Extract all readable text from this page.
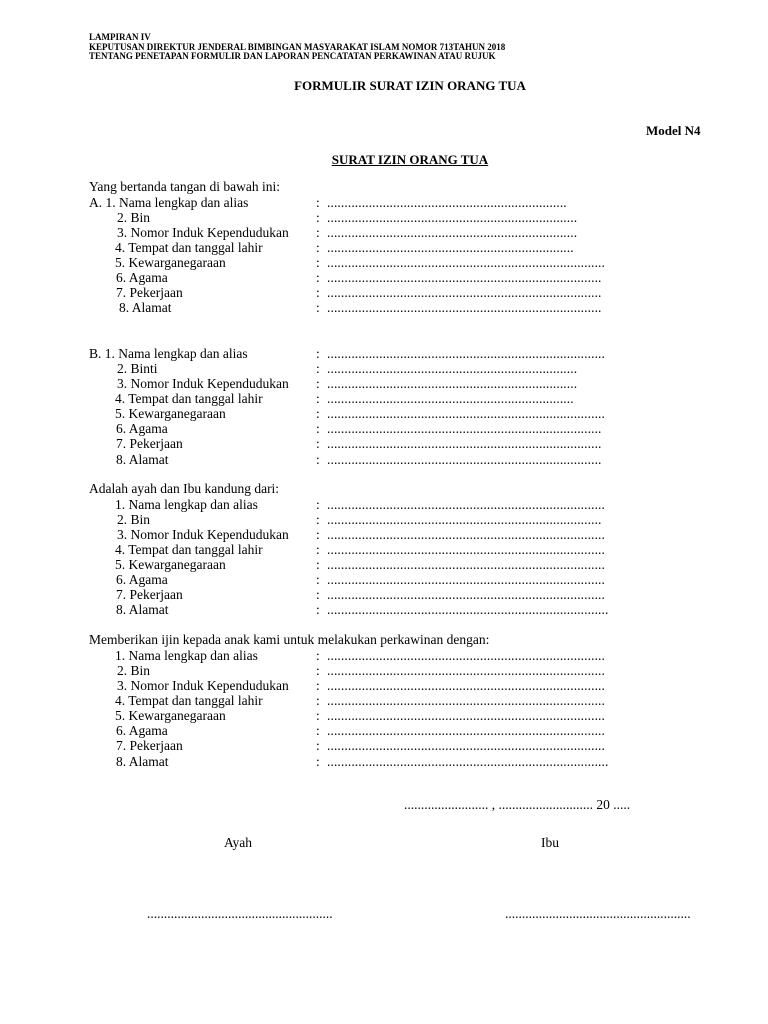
LAMPIRAN IV
KEPUTUSAN DIREKTUR JENDERAL BIMBINGAN MASYARAKAT ISLAM NOMOR 713TAHUN 2018
TENTANG PENETAPAN FORMULIR DAN LAPORAN PENCATATAN PERKAWINAN ATAU RUJUK
FORMULIR SURAT IZIN ORANG TUA
Model N4
SURAT IZIN ORANG TUA
Yang bertanda tangan di bawah ini:
A. 1. Nama lengkap dan alias	: .....................................................................
2. Bin	: ........................................................................
3. Nomor Induk Kependudukan : ........................................................................
4. Tempat dan tanggal lahir	: .......................................................................
5. Kewarganegaraan	: ................................................................................
6. Agama	: ...............................................................................
7. Pekerjaan	: ...............................................................................
8. Alamat	: ...............................................................................
B. 1. Nama lengkap dan alias	: ................................................................................
2. Binti	: ........................................................................
3. Nomor Induk Kependudukan : ........................................................................
4. Tempat dan tanggal lahir	: .......................................................................
5. Kewarganegaraan	: ................................................................................
6. Agama	: ...............................................................................
7. Pekerjaan	: ...............................................................................
8. Alamat	: ...............................................................................
Adalah ayah dan Ibu kandung dari:
1. Nama lengkap dan alias	: ................................................................................
2. Bin	: ...............................................................................
3. Nomor Induk Kependudukan : ................................................................................
4. Tempat dan tanggal lahir	: ................................................................................
5. Kewarganegaraan	: ................................................................................
6. Agama	: ................................................................................
7. Pekerjaan	: ................................................................................
8. Alamat	: .................................................................................
Memberikan ijin kepada anak kami untuk melakukan perkawinan dengan:
1. Nama lengkap dan alias	: ................................................................................
2. Bin	: ................................................................................
3. Nomor Induk Kependudukan : ................................................................................
4. Tempat dan tanggal lahir	: ................................................................................
5. Kewarganegaraan	: ................................................................................
6. Agama	: ................................................................................
7. Pekerjaan	: ................................................................................
8. Alamat	: .................................................................................
......................... , ............................ 20 .....
Ayah	Ibu
.......................................................	.......................................................
